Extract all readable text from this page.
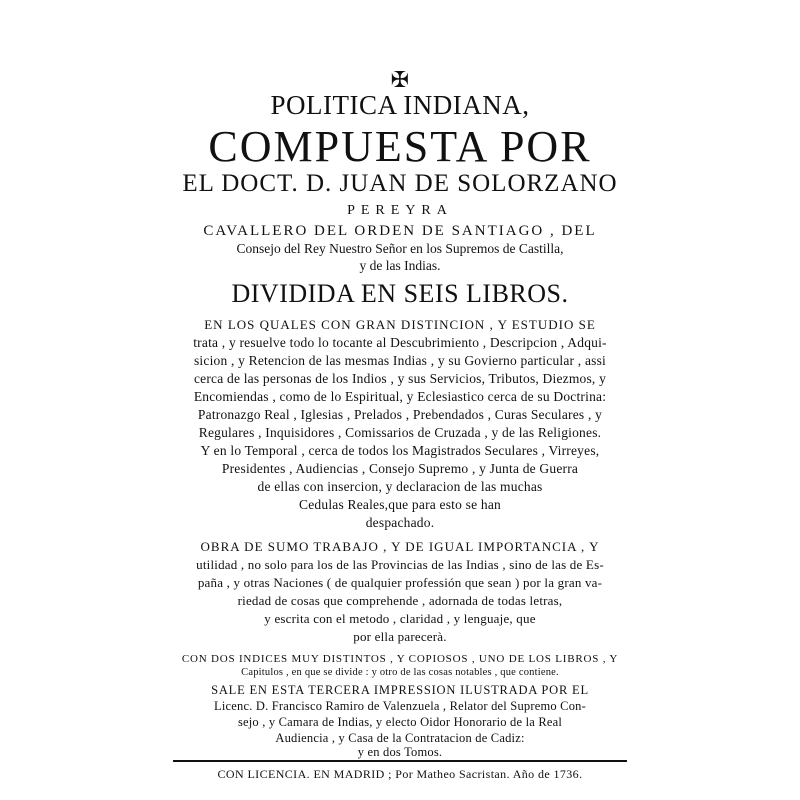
✠
POLITICA INDIANA,
COMPUESTA POR
EL DOCT. D. JUAN DE SOLORZANO
PEREYRA
CAVALLERO DEL ORDEN DE SANTIAGO , DEL
Consejo del Rey Nuestro Señor en los Supremos de Castilla,
y de las Indias.
DIVIDIDA EN SEIS LIBROS.
EN LOS QUALES CON GRAN DISTINCION , Y ESTUDIO SE
trata , y resuelve todo lo tocante al Descubrimiento , Descripcion , Adqui-
sicion , y Retencion de las mesmas Indias , y su Govierno particular , assi
cerca de las personas de los Indios , y sus Servicios, Tributos, Diezmos, y
Encomiendas , como de lo Espiritual, y Eclesiastico cerca de su Doctrina:
Patronazgo Real , Iglesias , Prelados , Prebendados , Curas Seculares , y
Regulares , Inquisidores , Comissarios de Cruzada , y de las Religiones.
Y en lo Temporal , cerca de todos los Magistrados Seculares , Virreyes,
Presidentes , Audiencias , Consejo Supremo , y Junta de Guerra
de ellas con insercion, y declaracion de las muchas
Cedulas Reales,que para esto se han
despachado.
OBRA DE SUMO TRABAJO , Y DE IGUAL IMPORTANCIA , Y
utilidad , no solo para los de las Provincias de las Indias , sino de las de Es-
paña , y otras Naciones ( de qualquier professión que sean ) por la gran va-
riedad de cosas que comprehende , adornada de todas letras,
y escrita con el metodo , claridad , y lenguaje, que
por ella parecerà.
CON DOS INDICES MUY DISTINTOS , Y COPIOSOS , UNO DE LOS LIBROS , Y
Capitulos , en que se divide : y otro de las cosas notables , que contiene.
SALE EN ESTA TERCERA IMPRESSION ILUSTRADA POR EL
Licenc. D. Francisco Ramiro de Valenzuela , Relator del Supremo Con-
sejo , y Camara de Indias, y electo Oidor Honorario de la Real
CON LICENCIA. EN MADRID ; Por Matheo Sacristan. Año de 1736.
Audiencia , y Casa de la Contratacion de Cadiz:
y en dos Tomos.
